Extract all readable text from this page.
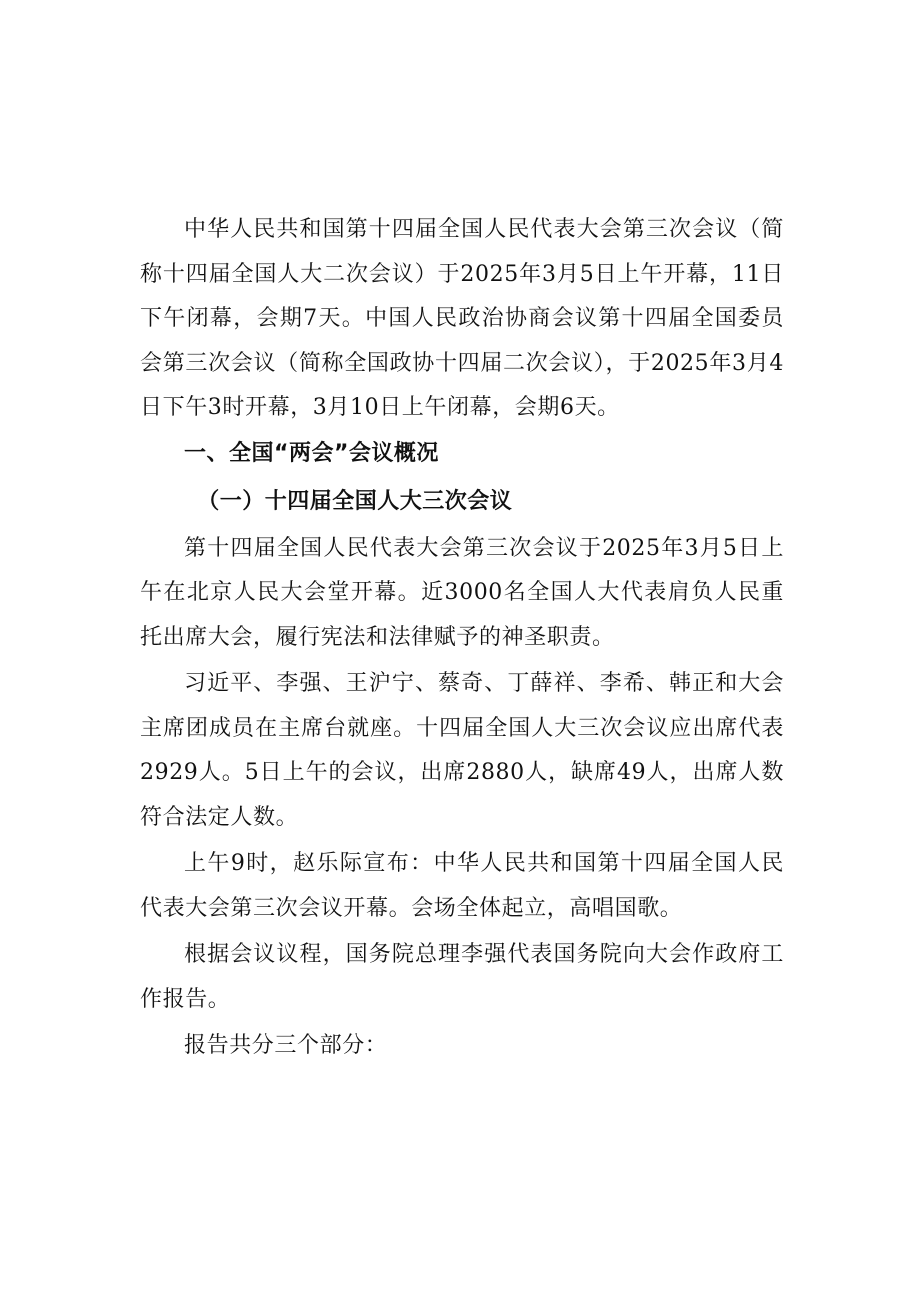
中华人民共和国第十四届全国人民代表大会第三次会议（简称十四届全国人大二次会议）于2025年3月5日上午开幕，11日下午闭幕，会期7天。中国人民政治协商会议第十四届全国委员会第三次会议（简称全国政协十四届二次会议），于2025年3月4日下午3时开幕，3月10日上午闭幕，会期6天。

一、全国“两会”会议概况
（一）十四届全国人大三次会议

第十四届全国人民代表大会第三次会议于2025年3月5日上午在北京人民大会堂开幕。近3000名全国人大代表肩负人民重托出席大会，履行宪法和法律赋予的神圣职责。

习近平、李强、王沪宁、蔡奇、丁薛祥、李希、韩正和大会主席团成员在主席台就座。十四届全国人大三次会议应出席代表2929人。5日上午的会议，出席2880人，缺席49人，出席人数符合法定人数。

上午9时，赵乐际宣布：中华人民共和国第十四届全国人民代表大会第三次会议开幕。会场全体起立，高唱国歌。

根据会议议程，国务院总理李强代表国务院向大会作政府工作报告。

报告共分三个部分：
